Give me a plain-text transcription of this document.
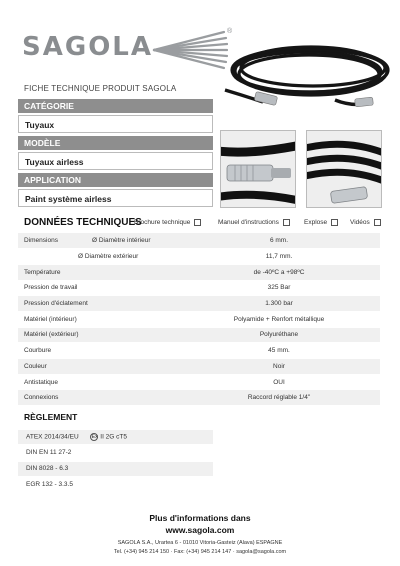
SAGOLA
®
FICHE TECHNIQUE PRODUIT SAGOLA
CATÉGORIE
Tuyaux
MODÈLE
Tuyaux airless
APPLICATION
Paint système airless
DONNÉES TECHNIQUES
Brochure technique	Manuel d'instructions	Explose	Vidéos
Dimensions Ø Diamètre intérieur	6 mm.
Ø Diamètre extérieur	11,7 mm.
Température	de -40ºC a +98ºC
Pression de travail	325 Bar
Pression d'éclatement	1.300 bar
Matériel (intérieur)	Polyamide + Renfort métallique
Matériel (extérieur)	Polyuréthane
Courbure	45 mm.
Couleur	Noir
Antistatique	OUI
Connexions	Raccord réglable 1/4"
RÈGLEMENT
ATEX 2014/34/EU Ex II 2G cT5
DIN EN 11 27-2
DIN 8028 - 6.3
EGR 132 - 3.3.5
Plus d'informations dans
www.sagola.com
SAGOLA S.A., Urartea 6 - 01010 Vitoria-Gasteiz (Alava) ESPAGNE
Tel. (+34) 945 214 150 · Fax: (+34) 945 214 147 · sagola@sagola.com
